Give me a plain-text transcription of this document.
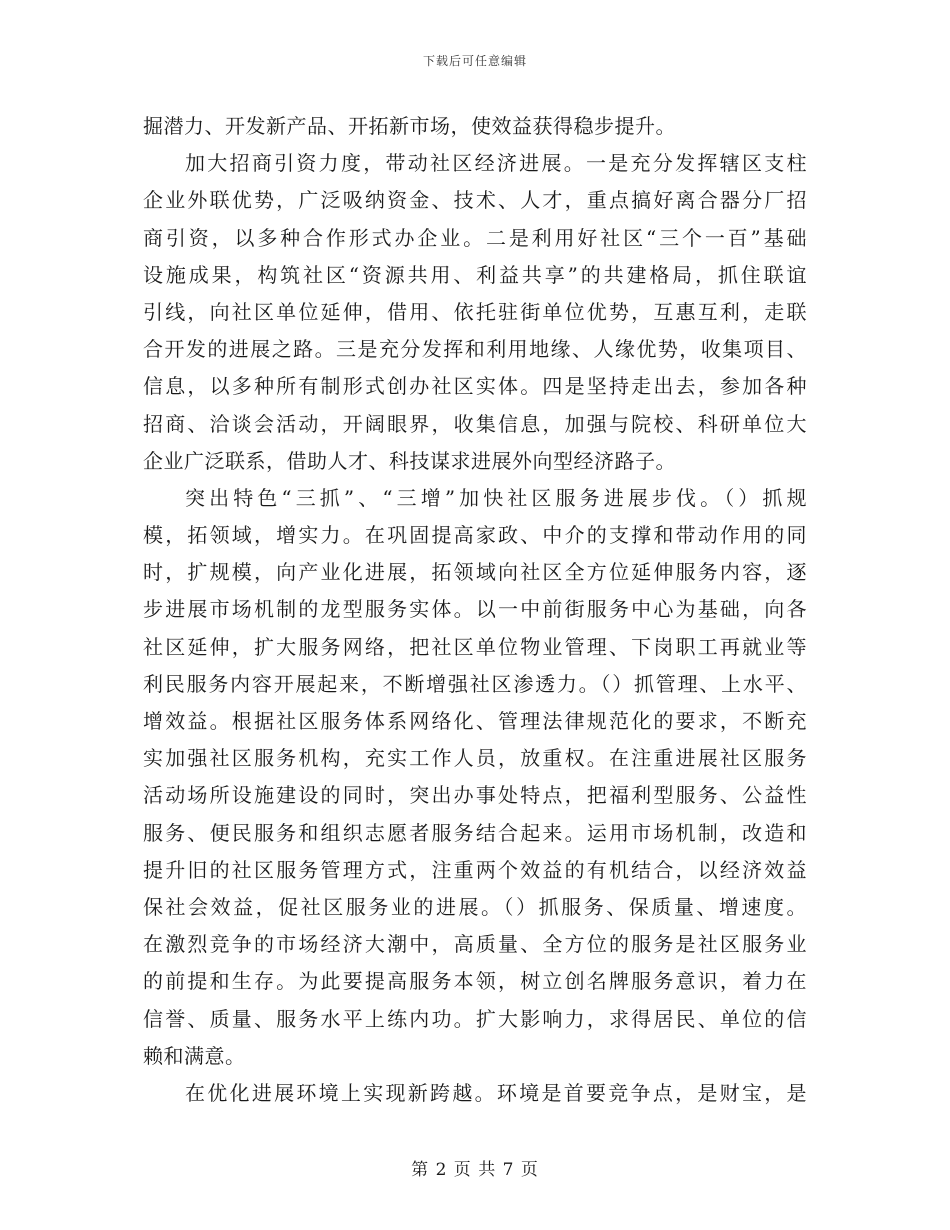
下载后可任意编辑
掘潜力、开发新产品、开拓新市场，使效益获得稳步提升。
加大招商引资力度，带动社区经济进展。一是充分发挥辖区支柱
企业外联优势，广泛吸纳资金、技术、人才，重点搞好离合器分厂招
商引资，以多种合作形式办企业。二是利用好社区“三个一百”基础
设施成果，构筑社区“资源共用、利益共享”的共建格局，抓住联谊
引线，向社区单位延伸，借用、依托驻街单位优势，互惠互利，走联
合开发的进展之路。三是充分发挥和利用地缘、人缘优势，收集项目、
信息，以多种所有制形式创办社区实体。四是坚持走出去，参加各种
招商、洽谈会活动，开阔眼界，收集信息，加强与院校、科研单位大
企业广泛联系，借助人才、科技谋求进展外向型经济路子。
突出特色“三抓”、“三增”加快社区服务进展步伐。（）抓规
模，拓领域，增实力。在巩固提高家政、中介的支撑和带动作用的同
时，扩规模，向产业化进展，拓领域向社区全方位延伸服务内容，逐
步进展市场机制的龙型服务实体。以一中前街服务中心为基础，向各
社区延伸，扩大服务网络，把社区单位物业管理、下岗职工再就业等
利民服务内容开展起来，不断增强社区渗透力。（）抓管理、上水平、
增效益。根据社区服务体系网络化、管理法律规范化的要求，不断充
实加强社区服务机构，充实工作人员，放重权。在注重进展社区服务
活动场所设施建设的同时，突出办事处特点，把福利型服务、公益性
服务、便民服务和组织志愿者服务结合起来。运用市场机制，改造和
提升旧的社区服务管理方式，注重两个效益的有机结合，以经济效益
保社会效益，促社区服务业的进展。（）抓服务、保质量、增速度。
在激烈竞争的市场经济大潮中，高质量、全方位的服务是社区服务业
的前提和生存。为此要提高服务本领，树立创名牌服务意识，着力在
信誉、质量、服务水平上练内功。扩大影响力，求得居民、单位的信
赖和满意。
在优化进展环境上实现新跨越。环境是首要竞争点，是财宝，是
第 2 页 共 7 页
